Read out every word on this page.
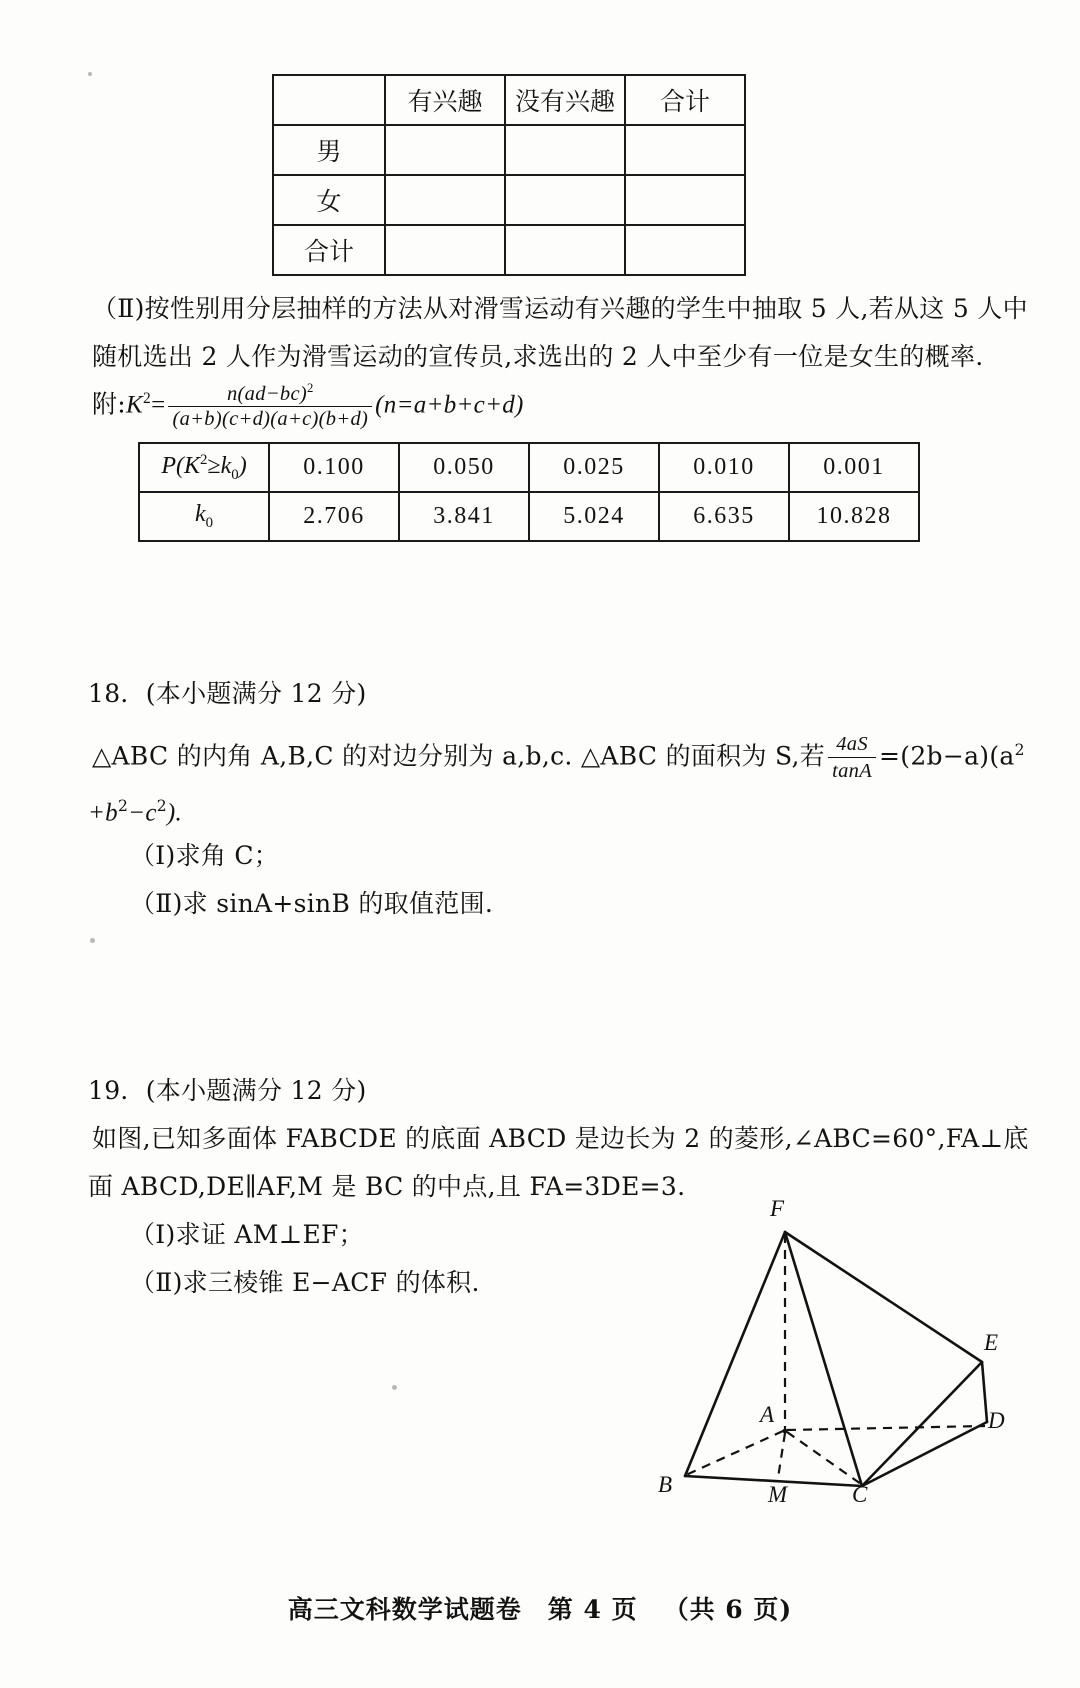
	有兴趣	没有兴趣	合计
男			
女			
合计			
（Ⅱ)按性别用分层抽样的方法从对滑雪运动有兴趣的学生中抽取 5 人,若从这 5 人中
随机选出 2 人作为滑雪运动的宣传员,求选出的 2 人中至少有一位是女生的概率.
附$:K^2= \frac{n(ad-bc)^2}{(a+b)(c+d)(a+c)(b+d)} (n=a+b+c+d)$
$P(K^2\ge k_0)$	0.100	0.050	0.025	0.010	0.001
$k_0$	2.706	3.841	5.024	6.635	10.828
18．(本小题满分 12 分)
△ABC 的内角 A,B,C 的对边分别为 a,b,c. △ABC 的面积为 S,若 $\frac{4aS}{\tan A} =(2b-a)(a^2$
$+b^2-c^2$).
（Ⅰ)求角 C；
（Ⅱ)求 sinA+sinB 的取值范围.
19．(本小题满分 12 分)
如图,已知多面体 FABCDE 的底面 ABCD 是边长为 2 的菱形,∠ABC=60°,FA⊥底
面 ABCD,DE∥AF,M 是 BC 的中点,且 FA=3DE=3.
（Ⅰ)求证 AM⊥EF；
（Ⅱ)求三棱锥 E−ACF 的体积.
F
E
A	D
B	M	C
高三文科数学试题卷 第 4 页 （共 6 页)
